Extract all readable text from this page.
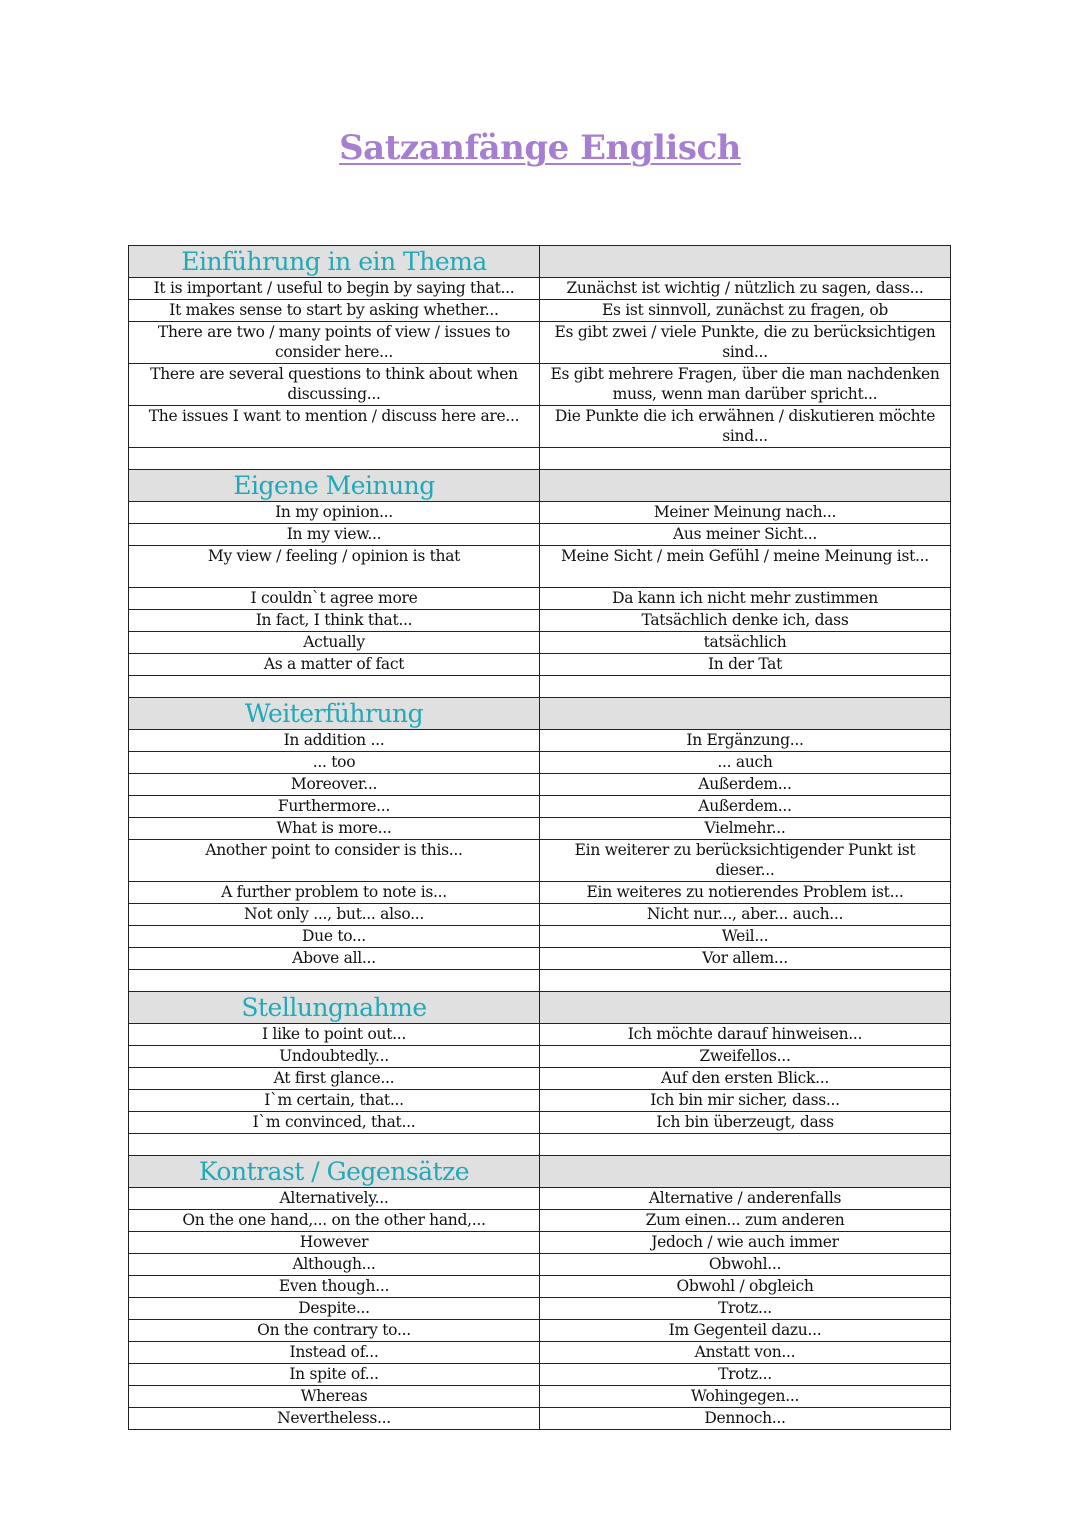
Satzanfänge Englisch
Einführung in ein Thema	

It is important / useful to begin by saying that...	Zunächst ist wichtig / nützlich zu sagen, dass...
It makes sense to start by asking whether...	Es ist sinnvoll, zunächst zu fragen, ob
There are two / many points of view / issues to consider here...	Es gibt zwei / viele Punkte, die zu berücksichtigen sind...
There are several questions to think about when discussing...	Es gibt mehrere Fragen, über die man nachdenken muss, wenn man darüber spricht...
The issues I want to mention / discuss here are...	Die Punkte die ich erwähnen / diskutieren möchte sind...

Eigene Meinung	

In my opinion...	Meiner Meinung nach...
In my view...	Aus meiner Sicht...
My view / feeling / opinion is that	Meine Sicht / mein Gefühl / meine Meinung ist...
I couldn`t agree more	Da kann ich nicht mehr zustimmen
In fact, I think that...	Tatsächlich denke ich, dass
Actually	tatsächlich
As a matter of fact	In der Tat

Weiterführung	

In addition ...	In Ergänzung...
... too	... auch
Moreover...	Außerdem...
Furthermore...	Außerdem...
What is more...	Vielmehr...
Another point to consider is this...	Ein weiterer zu berücksichtigender Punkt ist dieser...
A further problem to note is...	Ein weiteres zu notierendes Problem ist...
Not only ..., but... also...	Nicht nur..., aber... auch...
Due to...	Weil...
Above all...	Vor allem...

Stellungnahme	

I like to point out...	Ich möchte darauf hinweisen...
Undoubtedly...	Zweifellos...
At first glance...	Auf den ersten Blick...
I`m certain, that...	Ich bin mir sicher, dass...
I`m convinced, that...	Ich bin überzeugt, dass

Kontrast / Gegensätze	

Alternatively...	Alternative / anderenfalls
On the one hand,... on the other hand,...	Zum einen... zum anderen
However	Jedoch / wie auch immer
Although...	Obwohl...
Even though...	Obwohl / obgleich
Despite...	Trotz...
On the contrary to...	Im Gegenteil dazu...
Instead of...	Anstatt von...
In spite of...	Trotz...
Whereas	Wohingegen...
Nevertheless...	Dennoch...
